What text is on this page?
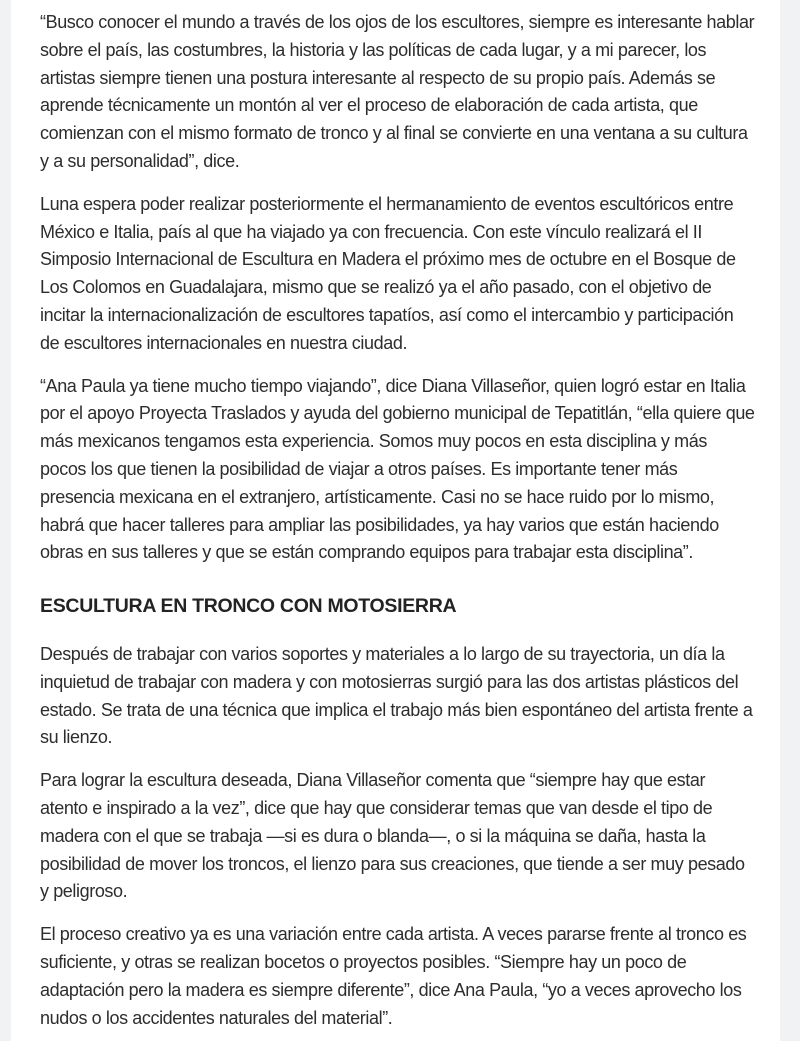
“Busco conocer el mundo a través de los ojos de los escultores, siempre es interesante hablar sobre el país, las costumbres, la historia y las políticas de cada lugar, y a mi parecer, los artistas siempre tienen una postura interesante al respecto de su propio país. Además se aprende técnicamente un montón al ver el proceso de elaboración de cada artista, que comienzan con el mismo formato de tronco y al final se convierte en una ventana a su cultura y a su personalidad”, dice.

Luna espera poder realizar posteriormente el hermanamiento de eventos escultóricos entre México e Italia, país al que ha viajado ya con frecuencia. Con este vínculo realizará el II Simposio Internacional de Escultura en Madera el próximo mes de octubre en el Bosque de Los Colomos en Guadalajara, mismo que se realizó ya el año pasado, con el objetivo de incitar la internacionalización de escultores tapatíos, así como el intercambio y participación de escultores internacionales en nuestra ciudad.

“Ana Paula ya tiene mucho tiempo viajando”, dice Diana Villaseñor, quien logró estar en Italia por el apoyo Proyecta Traslados y ayuda del gobierno municipal de Tepatitlán, “ella quiere que más mexicanos tengamos esta experiencia. Somos muy pocos en esta disciplina y más pocos los que tienen la posibilidad de viajar a otros países. Es importante tener más presencia mexicana en el extranjero, artísticamente. Casi no se hace ruido por lo mismo, habrá que hacer talleres para ampliar las posibilidades, ya hay varios que están haciendo obras en sus talleres y que se están comprando equipos para trabajar esta disciplina”.

ESCULTURA EN TRONCO CON MOTOSIERRA

Después de trabajar con varios soportes y materiales a lo largo de su trayectoria, un día la inquietud de trabajar con madera y con motosierras surgió para las dos artistas plásticos del estado. Se trata de una técnica que implica el trabajo más bien espontáneo del artista frente a su lienzo.

Para lograr la escultura deseada, Diana Villaseñor comenta que “siempre hay que estar atento e inspirado a la vez”, dice que hay que considerar temas que van desde el tipo de madera con el que se trabaja —si es dura o blanda—, o si la máquina se daña, hasta la posibilidad de mover los troncos, el lienzo para sus creaciones, que tiende a ser muy pesado y peligroso.

El proceso creativo ya es una variación entre cada artista. A veces pararse frente al tronco es suficiente, y otras se realizan bocetos o proyectos posibles. “Siempre hay un poco de adaptación pero la madera es siempre diferente”, dice Ana Paula, “yo a veces aprovecho los nudos o los accidentes naturales del material”.
